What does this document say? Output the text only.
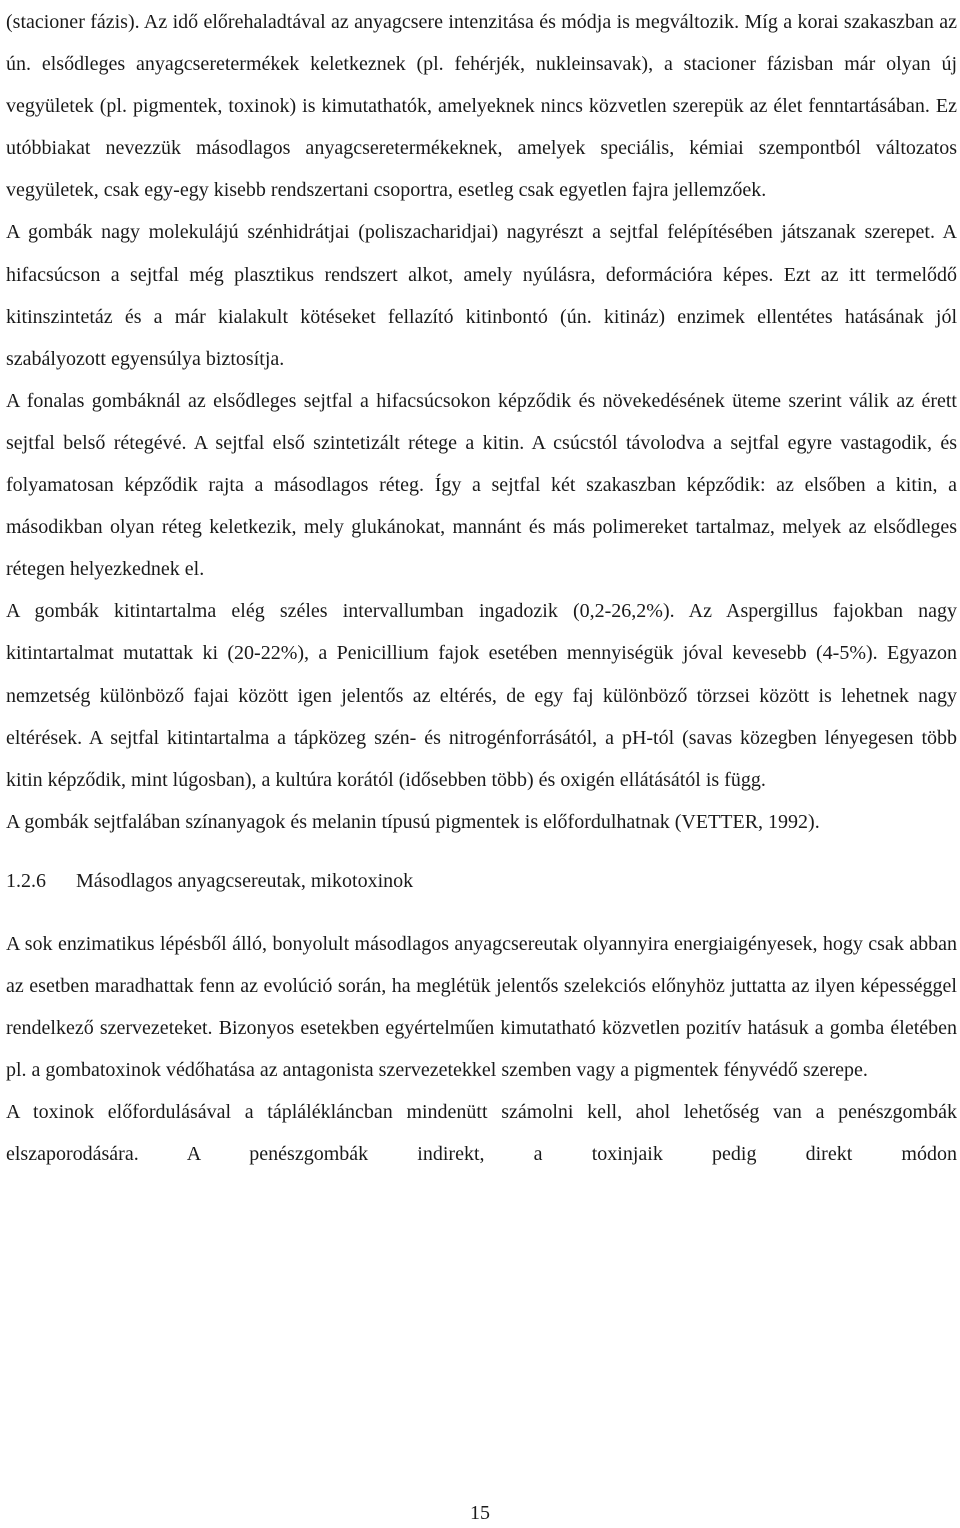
(stacioner fázis). Az idő előrehaladtával az anyagcsere intenzitása és módja is megváltozik. Míg a korai szakaszban az ún. elsődleges anyagcseretermékek keletkeznek (pl. fehérjék, nukleinsavak), a stacioner fázisban már olyan új vegyületek (pl. pigmentek, toxinok) is kimutathatók, amelyeknek nincs közvetlen szerepük az élet fenntartásában. Ez utóbbiakat nevezzük másodlagos anyagcseretermékeknek, amelyek speciális, kémiai szempontból változatos vegyületek, csak egy-egy kisebb rendszertani csoportra, esetleg csak egyetlen fajra jellemzőek.

A gombák nagy molekulájú szénhidrátjai (poliszacharidjai) nagyrészt a sejtfal felépítésében játszanak szerepet. A hifacsúcson a sejtfal még plasztikus rendszert alkot, amely nyúlásra, deformációra képes. Ezt az itt termelődő kitinszintetáz és a már kialakult kötéseket fellazító kitinbontó (ún. kitináz) enzimek ellentétes hatásának jól szabályozott egyensúlya biztosítja.

A fonalas gombáknál az elsődleges sejtfal a hifacsúcsokon képződik és növekedésének üteme szerint válik az érett sejtfal belső rétegévé. A sejtfal első szintetizált rétege a kitin. A csúcstól távolodva a sejtfal egyre vastagodik, és folyamatosan képződik rajta a másodlagos réteg. Így a sejtfal két szakaszban képződik: az elsőben a kitin, a másodikban olyan réteg keletkezik, mely glukánokat, mannánt és más polimereket tartalmaz, melyek az elsődleges rétegen helyezkednek el.

A gombák kitintartalma elég széles intervallumban ingadozik (0,2-26,2%). Az Aspergillus fajokban nagy kitintartalmat mutattak ki (20-22%), a Penicillium fajok esetében mennyiségük jóval kevesebb (4-5%). Egyazon nemzetség különböző fajai között igen jelentős az eltérés, de egy faj különböző törzsei között is lehetnek nagy eltérések. A sejtfal kitintartalma a tápközeg szén- és nitrogénforrásától, a pH-tól (savas közegben lényegesen több kitin képződik, mint lúgosban), a kultúra korától (idősebben több) és oxigén ellátásától is függ.

A gombák sejtfalában színanyagok és melanin típusú pigmentek is előfordulhatnak (VETTER, 1992).

1.2.6	Másodlagos anyagcsereutak, mikotoxinok

A sok enzimatikus lépésből álló, bonyolult másodlagos anyagcsereutak olyannyira energiaigényesek, hogy csak abban az esetben maradhattak fenn az evolúció során, ha meglétük jelentős szelekciós előnyhöz juttatta az ilyen képességgel rendelkező szervezeteket. Bizonyos esetekben egyértelműen kimutatható közvetlen pozitív hatásuk a gomba életében pl. a gombatoxinok védőhatása az antagonista szervezetekkel szemben vagy a pigmentek fényvédő szerepe.

A toxinok előfordulásával a táplálékláncban mindenütt számolni kell, ahol lehetőség van a penészgombák elszaporodására. A penészgombák indirekt, a toxinjaik pedig direkt módon

15
